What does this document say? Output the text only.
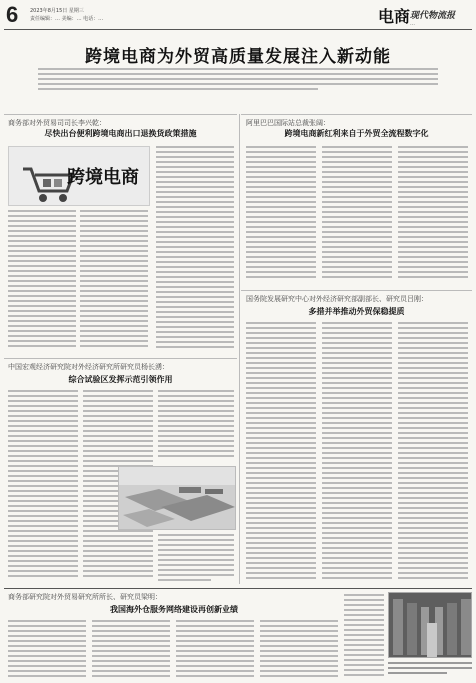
6 2023年8月15日 星期三
责任编辑：… 美编：… 电话：…	电商 现代物流报
…
跨境电商为外贸高质量发展注入新动能
商务部对外贸易司司长李兴乾：
尽快出台便利跨境电商出口退换货政策措施
跨境电商
阿里巴巴国际站总裁张阔：
跨境电商新红利来自于外贸全流程数字化
国务院发展研究中心对外经济研究部副部长、研究员吕刚：
多措并举推动外贸保稳提质
中国宏观经济研究院对外经济研究所研究员杨长湧：
综合试验区发挥示范引领作用
商务部研究院对外贸易研究所所长、研究员梁明：
我国海外仓服务网络建设再创新业绩
